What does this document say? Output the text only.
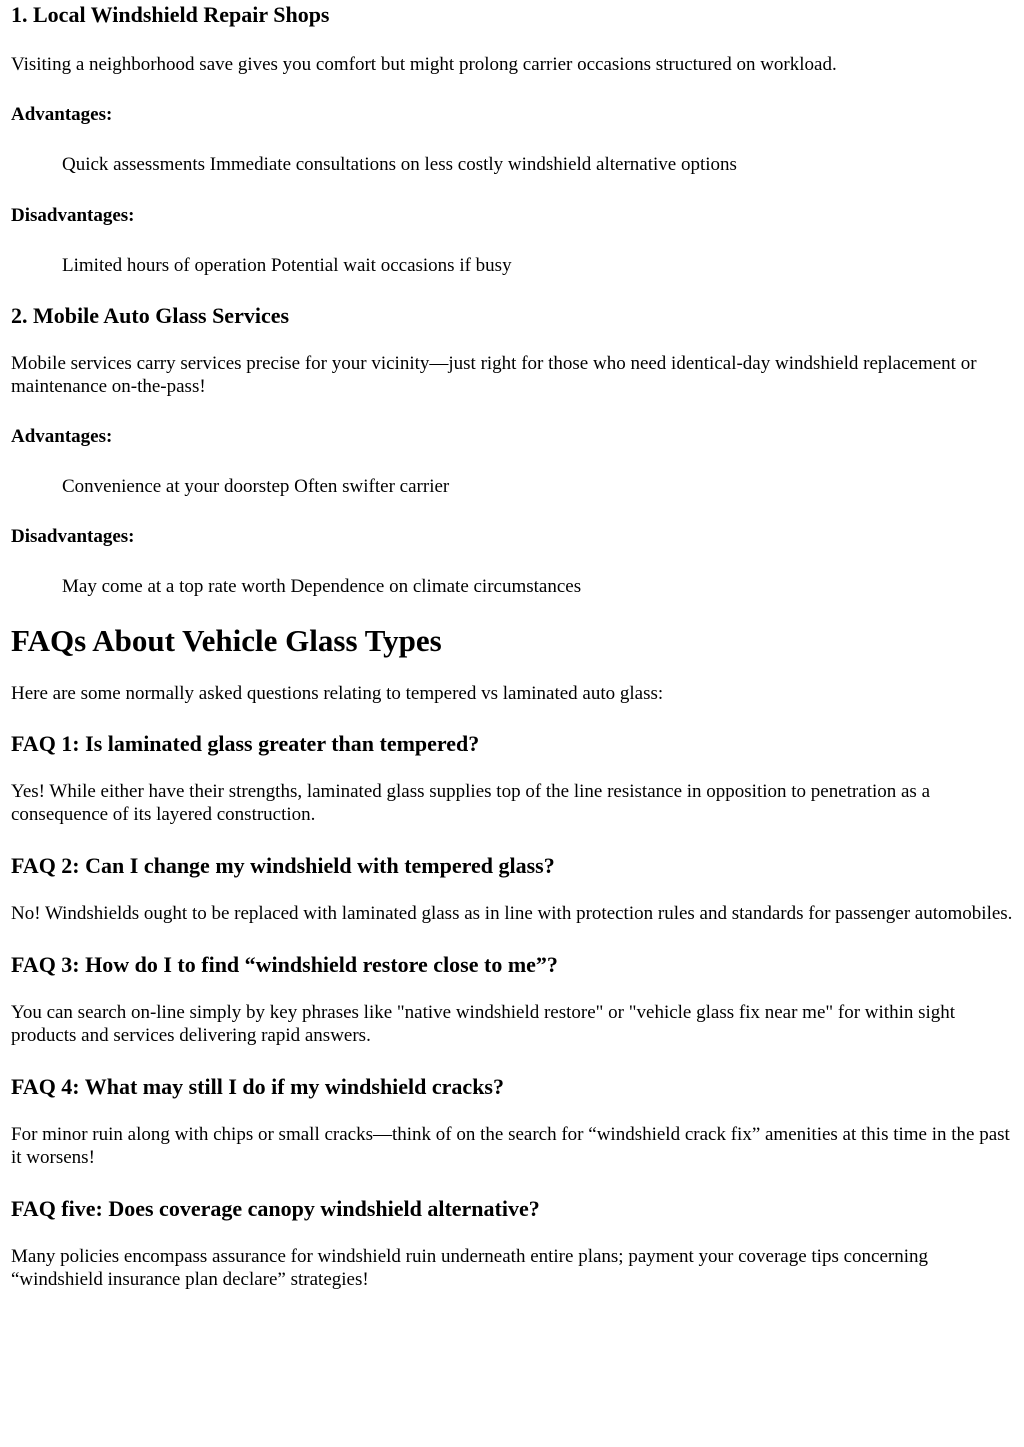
1. Local Windshield Repair Shops

Visiting a neighborhood save gives you comfort but might prolong carrier occasions structured on workload.

Advantages:

Quick assessments Immediate consultations on less costly windshield alternative options

Disadvantages:

Limited hours of operation Potential wait occasions if busy

2. Mobile Auto Glass Services

Mobile services carry services precise for your vicinity—just right for those who need identical-day windshield replacement or maintenance on-the-pass!

Advantages:

Convenience at your doorstep Often swifter carrier

Disadvantages:

May come at a top rate worth Dependence on climate circumstances

FAQs About Vehicle Glass Types

Here are some normally asked questions relating to tempered vs laminated auto glass:

FAQ 1: Is laminated glass greater than tempered?

Yes! While either have their strengths, laminated glass supplies top of the line resistance in opposition to penetration as a consequence of its layered construction.

FAQ 2: Can I change my windshield with tempered glass?

No! Windshields ought to be replaced with laminated glass as in line with protection rules and standards for passenger automobiles.

FAQ 3: How do I to find “windshield restore close to me”?

You can search on-line simply by key phrases like "native windshield restore" or "vehicle glass fix near me" for within sight products and services delivering rapid answers.

FAQ 4: What may still I do if my windshield cracks?

For minor ruin along with chips or small cracks—think of on the search for “windshield crack fix” amenities at this time in the past it worsens!

FAQ five: Does coverage canopy windshield alternative?

Many policies encompass assurance for windshield ruin underneath entire plans; payment your coverage tips concerning “windshield insurance plan declare” strategies!
